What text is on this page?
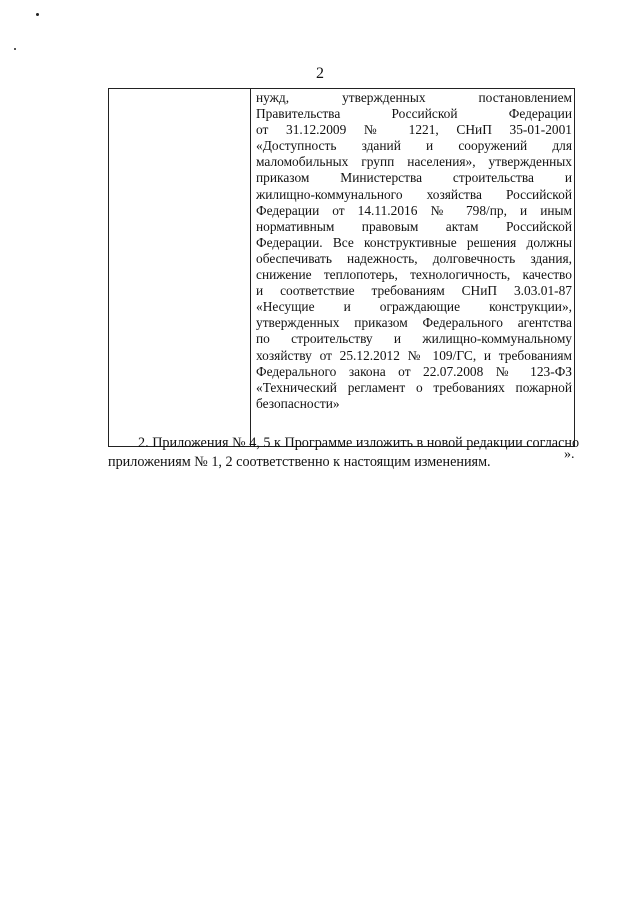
2
нужд, утвержденных постановлением
Правительства Российской Федерации
от 31.12.2009 № 1221, СНиП 35-01-2001
«Доступность зданий и сооружений для
маломобильных групп населения», утвержденных
приказом Министерства строительства и
жилищно-коммунального хозяйства Российской
Федерации от 14.11.2016 № 798/пр, и иным
нормативным правовым актам Российской
Федерации. Все конструктивные решения должны
обеспечивать надежность, долговечность здания,
снижение теплопотерь, технологичность, качество
и соответствие требованиям СНиП 3.03.01-87
«Несущие и ограждающие конструкции»,
утвержденных приказом Федерального агентства
по строительству и жилищно-коммунальному
хозяйству от 25.12.2012 № 109/ГС, и требованиям
Федерального закона от 22.07.2008 № 123-ФЗ
«Технический регламент о требованиях пожарной
безопасности»
».
2. Приложения № 4, 5 к Программе изложить в новой редакции согласно
приложениям № 1, 2 соответственно к настоящим изменениям.
